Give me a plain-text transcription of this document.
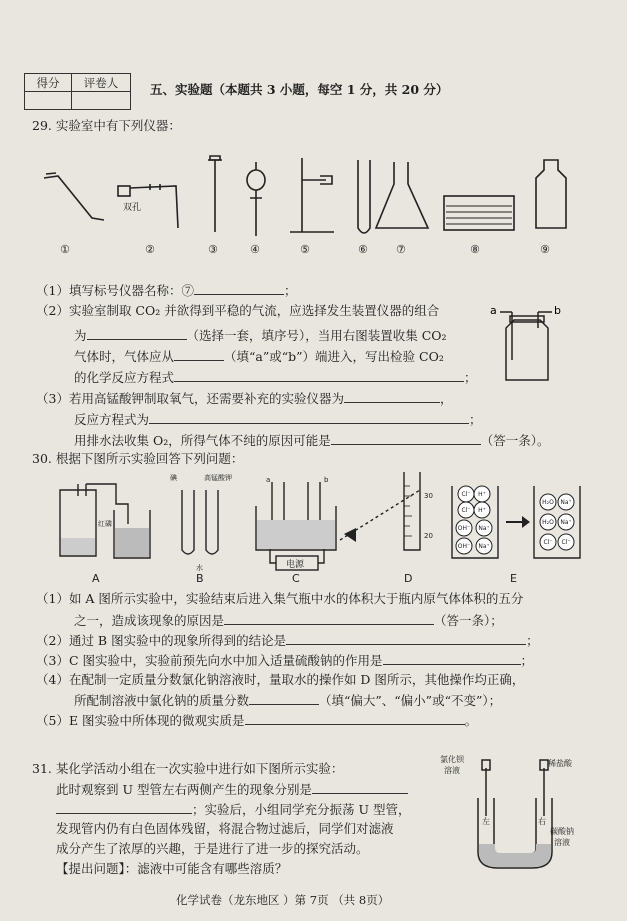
得分	评卷人
		五、实验题（本题共 3 小题，每空 1 分，共 20 分）
29. 实验室中有下列仪器：
双孔
①	②	③	④	⑤	⑥	⑦	⑧	⑨
（1）填写标号仪器名称：⑦	；
（2）实验室制取 CO₂ 并欲得到平稳的气流，应选择发生装置仪器的组合
为	（选择一套，填序号），当用右图装置收集 CO₂
气体时，气体应从	（填“a”或“b”）端进入，写出检验 CO₂
的化学反应方程式	；
a	b
（3）若用高锰酸钾制取氧气，还需要补充的实验仪器为	，
反应方程式为	；
用排水法收集 O₂，所得气体不纯的原因可能是	（答一条）。
30. 根据下图所示实验回答下列问题：
Cl⁻ H⁺
Cl⁻ H⁺
OH⁻ Na⁺
OH⁻ Na⁺
H₂O Na⁺
H₂O Na⁺
Cl⁻ Cl⁻
红磷
碘	高锰酸钾
水	电源
a	b
30
20
A	B	C	D	E
（1）如 A 图所示实验中，实验结束后进入集气瓶中水的体积大于瓶内原气体体积的五分
之一，造成该现象的原因是	（答一条）；
（2）通过 B 图实验中的现象所得到的结论是	；
（3）C 图实验中，实验前预先向水中加入适量硫酸钠的作用是	；
（4）在配制一定质量分数氯化钠溶液时，量取水的操作如 D 图所示，其他操作均正确，
所配制溶液中氯化钠的质量分数	（填“偏大”、“偏小”或“不变”）；
（5）E 图实验中所体现的微观实质是	。
31. 某化学活动小组在一次实验中进行如下图所示实验：
此时观察到 U 型管左右两侧产生的现象分别是
；实验后，小组同学充分振荡 U 型管，
发现管内仍有白色固体残留，将混合物过滤后，同学们对滤液
成分产生了浓厚的兴趣，于是进行了进一步的探究活动。
【提出问题】：滤液中可能含有哪些溶质？
氯化钡
溶液
稀盐酸
碳酸钠
溶液
左	右
化学试卷（龙东地区 ）第 7页 （共 8页）
